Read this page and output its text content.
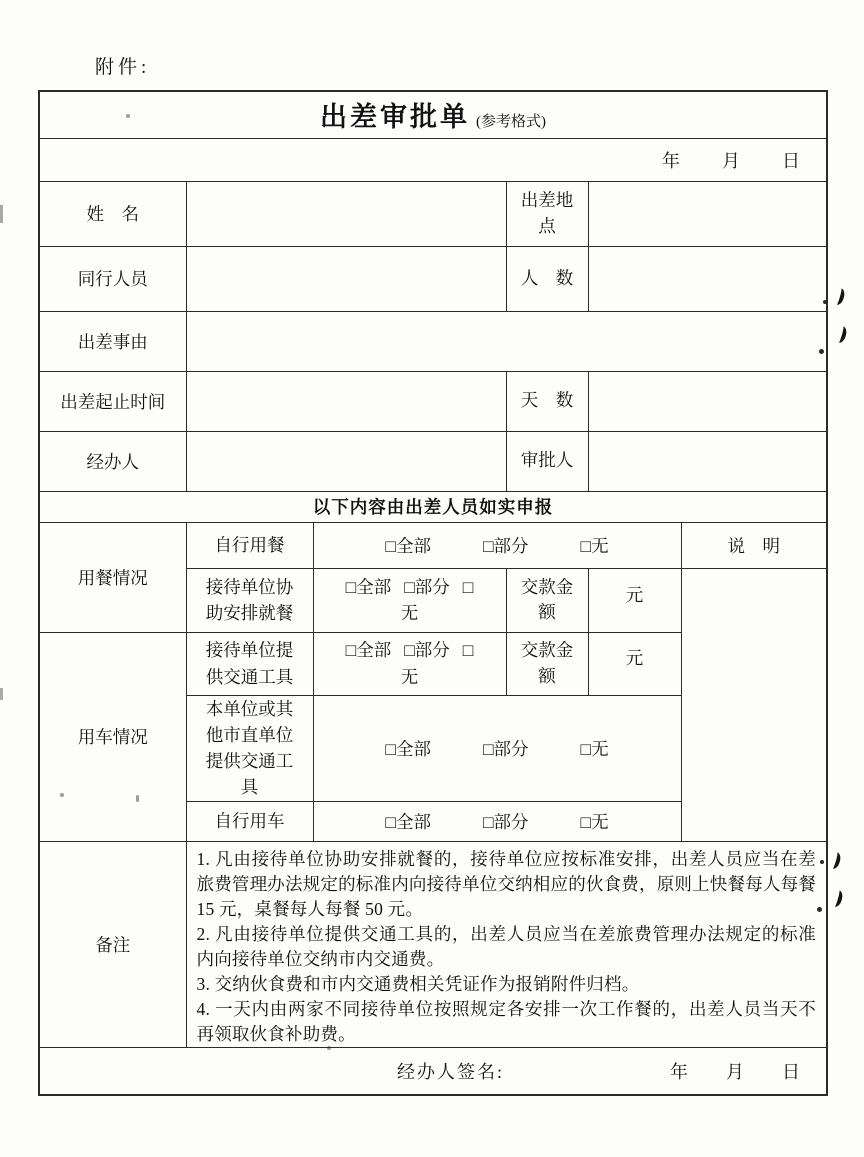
附件:
出差审批单 (参考格式)					

年 月 日					

姓　名			出差地点		
同行人员			人　数		
出差事由					
出差起止时间			天　数		
经办人			审批人		
以下内容由出差人员如实申报					
用餐情况	自行用餐	□全部 □部分 □无			说　明
	接待单位协助安排就餐	□全部 □部分 □
无	交款金额	元	
用车情况	接待单位提供交通工具	□全部 □部分 □
无	交款金额	元	
	本单位或其他市直单位提供交通工具	□全部 □部分 □无			

	自行用车	□全部 □部分 □无			

备注	1. 凡由接待单位协助安排就餐的，接待单位应按标准安排，出差人员应当在差旅费管理办法规定的标准内向接待单位交纳相应的伙食费，原则上快餐每人每餐 15 元，桌餐每人每餐 50 元。
2. 凡由接待单位提供交通工具的，出差人员应当在差旅费管理办法规定的标准内向接待单位交纳市内交通费。
3. 交纳伙食费和市内交通费相关凭证作为报销附件归档。
4. 一天内由两家不同接待单位按照规定各安排一次工作餐的，出差人员当天不再领取伙食补助费。				

经办人签名: 年 月 日					
